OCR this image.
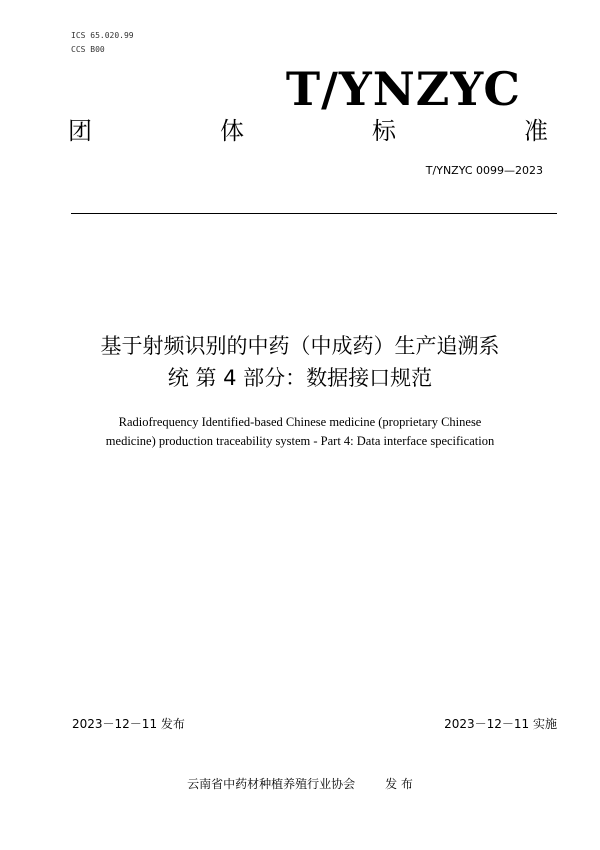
ICS 65.020.99
CCS B00
T/YNZYC
团	体	标	准
T/YNZYC 0099—2023
基于射频识别的中药（中成药）生产追溯系
统 第 4 部分：数据接口规范
Radiofrequency Identified-based Chinese medicine (proprietary Chinese
medicine) production traceability system - Part 4: Data interface specification
2023－12－11 发布	2023－12－11 实施
云南省中药材种植养殖行业协会	发 布
